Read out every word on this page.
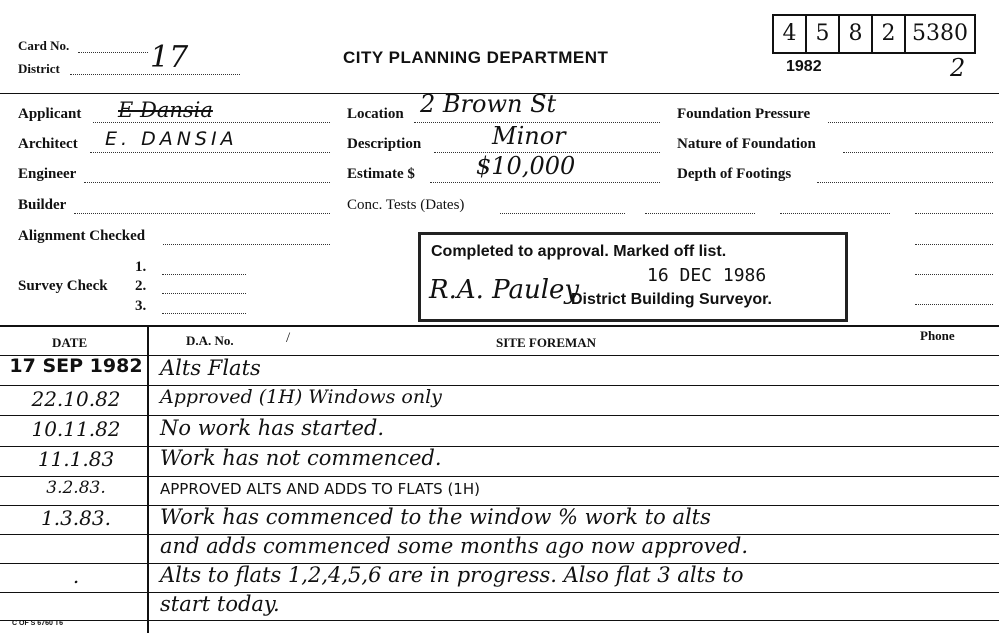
Card No.
District	17	CITY PLANNING DEPARTMENT
4 5 8 2 5380
1982	2
Applicant E Dansia
Architect E. DANSIA
Engineer
Builder
Alignment Checked
Survey Check
1.
2.
3.
Location 2 Brown St
Description	Minor
Estimate $	$10,000
Conc. Tests (Dates)
Foundation Pressure
Nature of Foundation
Depth of Footings
Completed to approval. Marked off list.
16 DEC 1986
R.A. Pauley
District Building Surveyor.
DATE	D.A. No.	/	SITE FOREMAN	Phone
17 SEP 1982 Alts Flats
22.10.82	Approved (1H) Windows only
10.11.82	No work has started.
11.1.83	Work has not commenced.
3.2.83.	APPROVED ALTS AND ADDS TO FLATS (1H)
1.3.83.	Work has commenced to the window % work to alts
and adds commenced some months ago now approved.
.	Alts to flats 1,2,4,5,6 are in progress. Also flat 3 alts to
start today.
C OF S 6760 T6
